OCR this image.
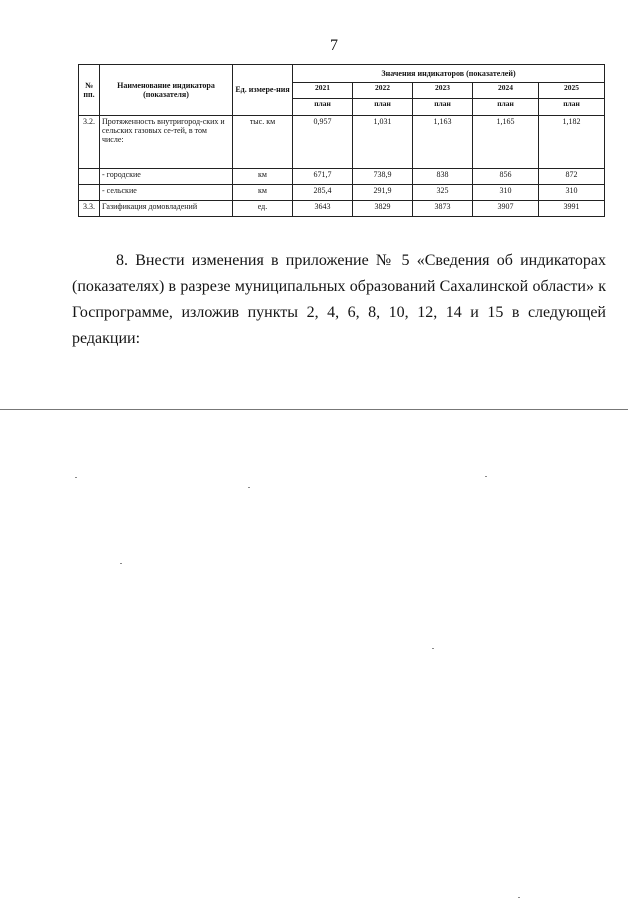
7
№ пп.	Наименование индикатора (показателя)	Ед. измере-ния	Значения индикаторов (показателей)				
			2021	2022	2023	2024	2025
			план	план	план	план	план
3.2.	Протяженность внутригород-ских и сельских газовых се-тей, в том числе:	тыс. км	0,957	1,031	1,163	1,165	1,182
	- городские	км	671,7	738,9	838	856	872
	- сельские	км	285,4	291,9	325	310	310
3.3.	Газификация домовладений	ед.	3643	3829	3873	3907	3991

8. Внести изменения в приложение № 5 «Сведения об индикаторах (показателях) в разрезе муниципальных образований Сахалинской области» к Госпрограмме, изложив пункты 2, 4, 6, 8, 10, 12, 14 и 15 в следующей редакции:
